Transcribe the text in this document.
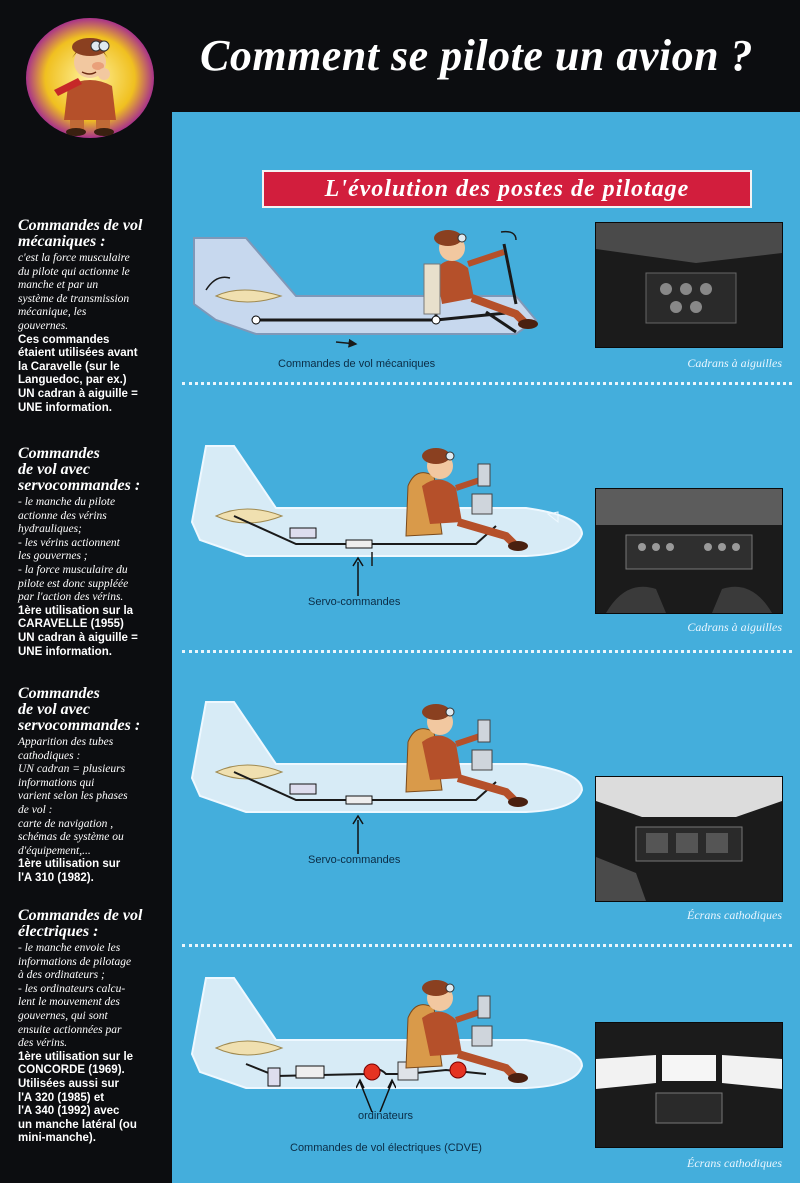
Comment se pilote un avion ?
Commandes de vol
mécaniques :
c'est la force musculaire
du pilote qui actionne le
manche et par un
système de transmission
mécanique, les
gouvernes.
Ces commandes
étaient utilisées avant
la Caravelle (sur le
Languedoc, par ex.)
UN cadran à aiguille =
UNE information.
Commandes
de vol avec
servocommandes :
- le manche du pilote
actionne des vérins
hydrauliques;
- les vérins actionnent
les gouvernes ;
- la force musculaire du
pilote est donc suppléée
par l'action des vérins.
1ère utilisation sur la
CARAVELLE (1955)
UN cadran à aiguille =
UNE information.
Commandes
de vol avec
servocommandes :
Apparition des tubes
cathodiques :
UN cadran = plusieurs
informations qui
varient selon les phases
de vol :
carte de navigation ,
schémas de système ou
d'équipement,...
1ère utilisation sur
l'A 310 (1982).
Commandes de vol
électriques :
- le manche envoie les
informations de pilotage
à des ordinateurs ;
- les ordinateurs calcu-
lent le mouvement des
gouvernes, qui sont
ensuite actionnées par
des vérins.
1ère utilisation sur le
CONCORDE (1969).
Utilisées aussi sur
l'A 320 (1985) et
l'A 340 (1992) avec
un manche latéral (ou
mini-manche).
L'évolution des postes de pilotage
Commandes de vol mécaniques	Cadrans à aiguilles
Servo-commandes
Cadrans à aiguilles
Servo-commandes
Écrans cathodiques
ordinateurs
Commandes de vol électriques (CDVE)
Écrans cathodiques
